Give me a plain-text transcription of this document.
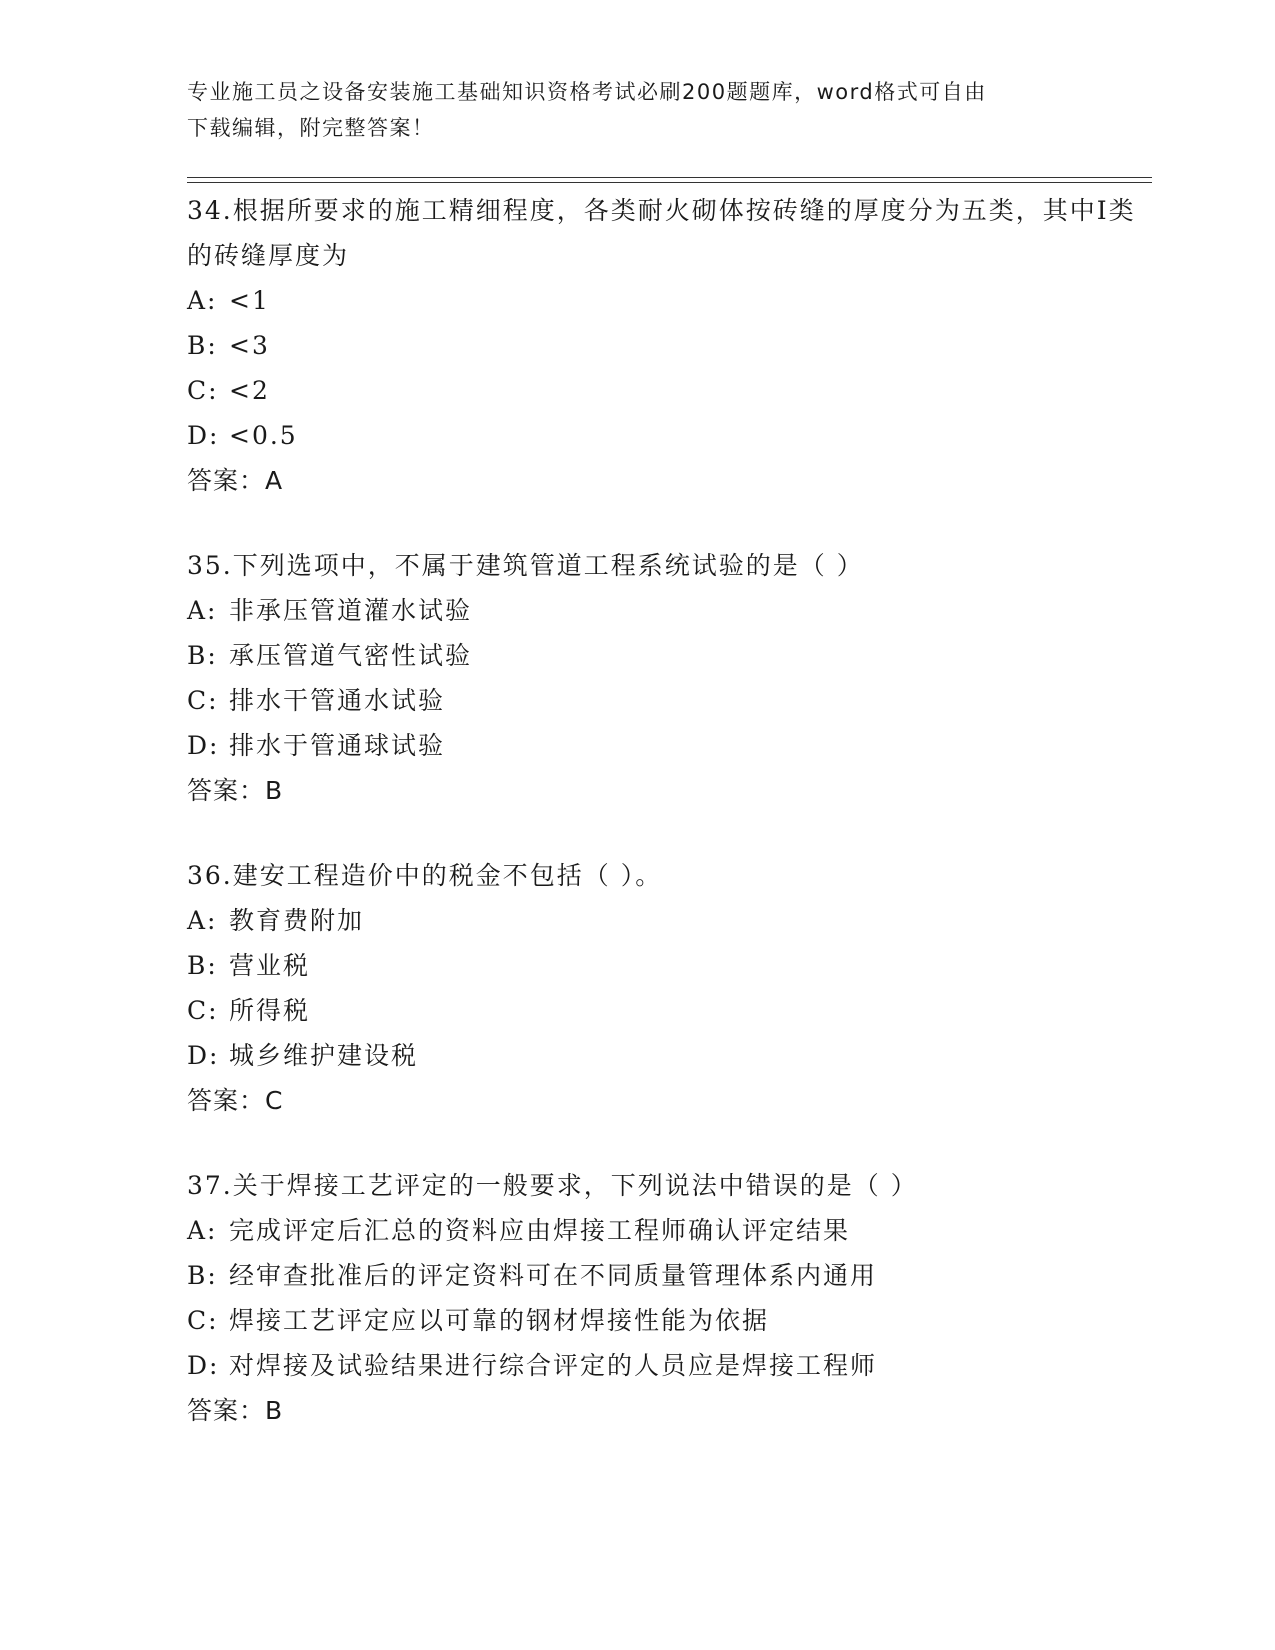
专业施工员之设备安装施工基础知识资格考试必刷200题题库，word格式可自由
下载编辑，附完整答案！

34.根据所要求的施工精细程度，各类耐火砌体按砖缝的厚度分为五类，其中Ⅰ类的砖缝厚度为

A: <1

B: <3

C: <2

D: <0.5

答案：A

35.下列选项中，不属于建筑管道工程系统试验的是（ ）

A: 非承压管道灌水试验

B: 承压管道气密性试验

C: 排水干管通水试验

D: 排水于管通球试验

答案：B

36.建安工程造价中的税金不包括（ ）。

A: 教育费附加

B: 营业税

C: 所得税

D: 城乡维护建设税

答案：C

37.关于焊接工艺评定的一般要求，下列说法中错误的是（ ）

A: 完成评定后汇总的资料应由焊接工程师确认评定结果

B: 经审查批准后的评定资料可在不同质量管理体系内通用

C: 焊接工艺评定应以可靠的钢材焊接性能为依据

D: 对焊接及试验结果进行综合评定的人员应是焊接工程师

答案：B
